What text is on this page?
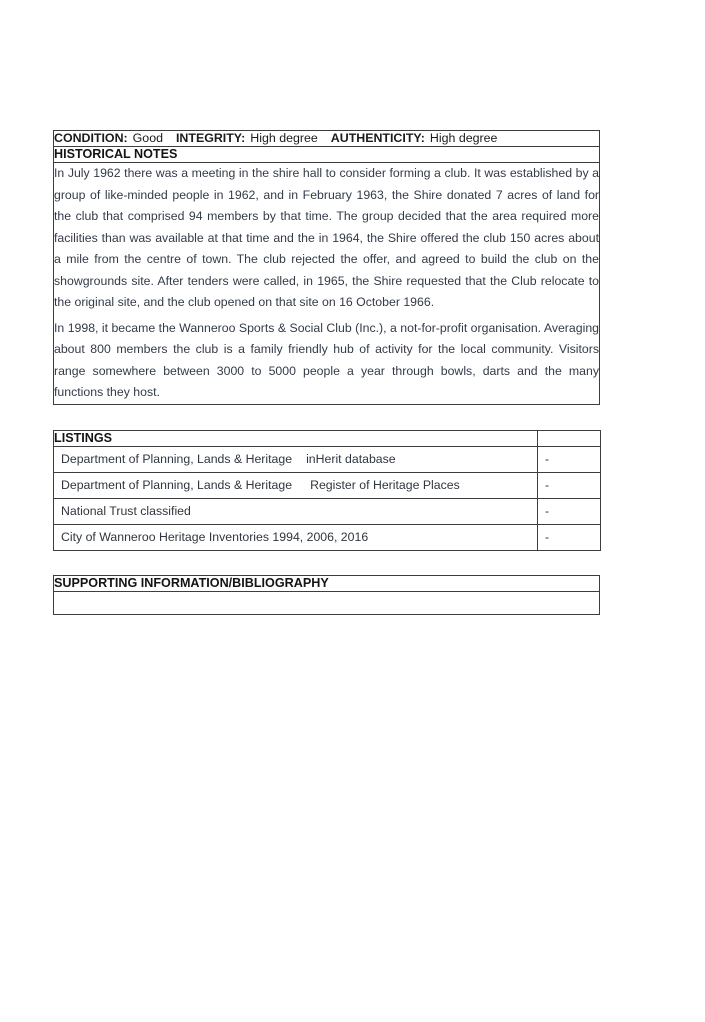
CONDITION: Good INTEGRITY: High degree AUTHENTICITY: High degree
HISTORICAL NOTES

In July 1962 there was a meeting in the shire hall to consider forming a club. It was established by a group of like-minded people in 1962, and in February 1963, the Shire donated 7 acres of land for the club that comprised 94 members by that time. The group decided that the area required more facilities than was available at that time and the in 1964, the Shire offered the club 150 acres about a mile from the centre of town. The club rejected the offer, and agreed to build the club on the showgrounds site. After tenders were called, in 1965, the Shire requested that the Club relocate to the original site, and the club opened on that site on 16 October 1966.

In 1998, it became the Wanneroo Sports & Social Club (Inc.), a not-for-profit organisation. Averaging about 800 members the club is a family friendly hub of activity for the local community. Visitors range somewhere between 3000 to 5000 people a year through bowls, darts and the many functions they host.

LISTINGS	
Department of Planning, Lands & Heritage inHerit database	-
Department of Planning, Lands & Heritage Register of Heritage Places	-
National Trust classified	-
City of Wanneroo Heritage Inventories 1994, 2006, 2016	-
SUPPORTING INFORMATION/BIBLIOGRAPHY
